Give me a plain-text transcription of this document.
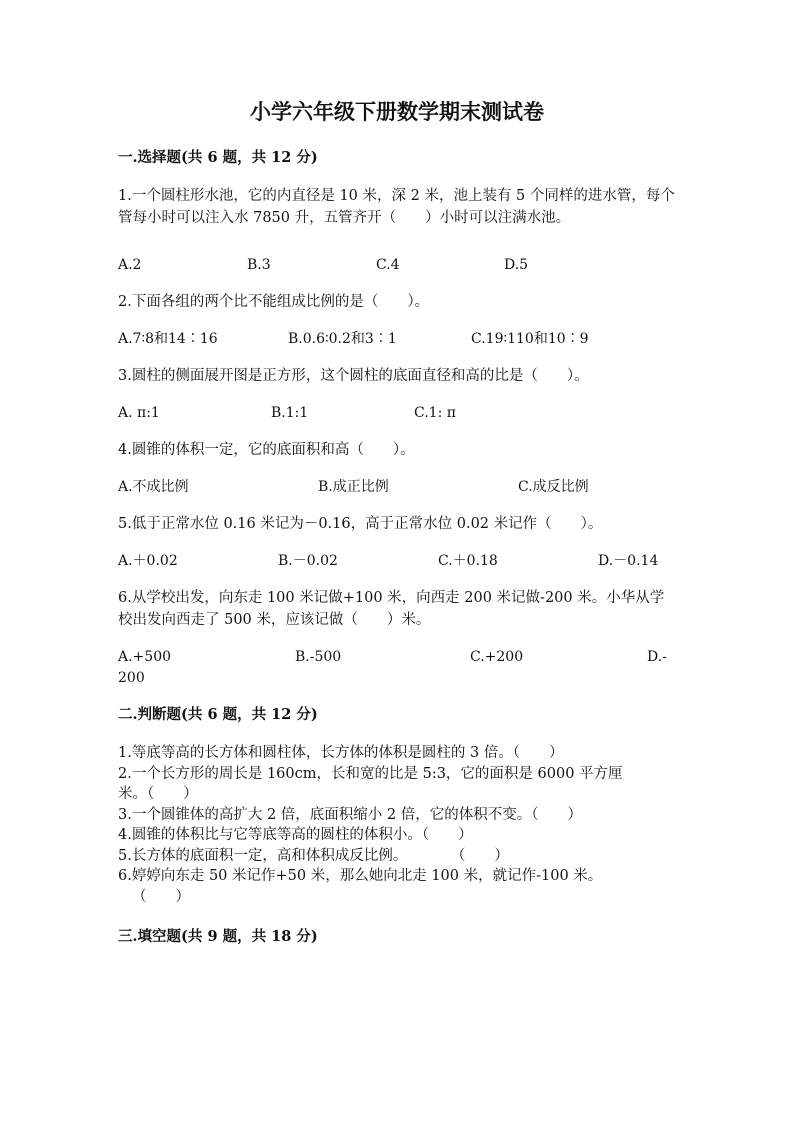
小学六年级下册数学期末测试卷
一.选择题(共 6 题，共 12 分)
1.一个圆柱形水池，它的内直径是 10 米，深 2 米，池上装有 5 个同样的进水管，每个管每小时可以注入水 7850 升，五管齐开（　　）小时可以注满水池。
A.2	B.3	C.4	D.5
2.下面各组的两个比不能组成比例的是（　　）。
A.7∶8和14∶16	B.0.6∶0.2和3∶1	C.19∶110和10∶9
3.圆柱的侧面展开图是正方形，这个圆柱的底面直径和高的比是（　　）。
A. π:1	B.1:1	C.1: π
4.圆锥的体积一定，它的底面积和高（　　）。
A.不成比例	B.成正比例	C.成反比例
5.低于正常水位 0.16 米记为－0.16，高于正常水位 0.02 米记作（　　）。
A.＋0.02	B.－0.02	C.＋0.18	D.－0.14
6.从学校出发，向东走 100 米记做+100 米，向西走 200 米记做-200 米。小华从学校出发向西走了 500 米，应该记做（　　）米。
A.+500	B.-500	C.+200	D.-
200
二.判断题(共 6 题，共 12 分)
1.等底等高的长方体和圆柱体，长方体的体积是圆柱的 3 倍。（　　）
2.一个长方形的周长是 160cm，长和宽的比是 5:3，它的面积是 6000 平方厘
米。（　　）
3.一个圆锥体的高扩大 2 倍，底面积缩小 2 倍，它的体积不变。（　　）
4.圆锥的体积比与它等底等高的圆柱的体积小。（　　）
5.长方体的底面积一定，高和体积成反比例。　　　　（　　）
6.婷婷向东走 50 米记作+50 米，那么她向北走 100 米，就记作-100 米。
（　　）
三.填空题(共 9 题，共 18 分)
